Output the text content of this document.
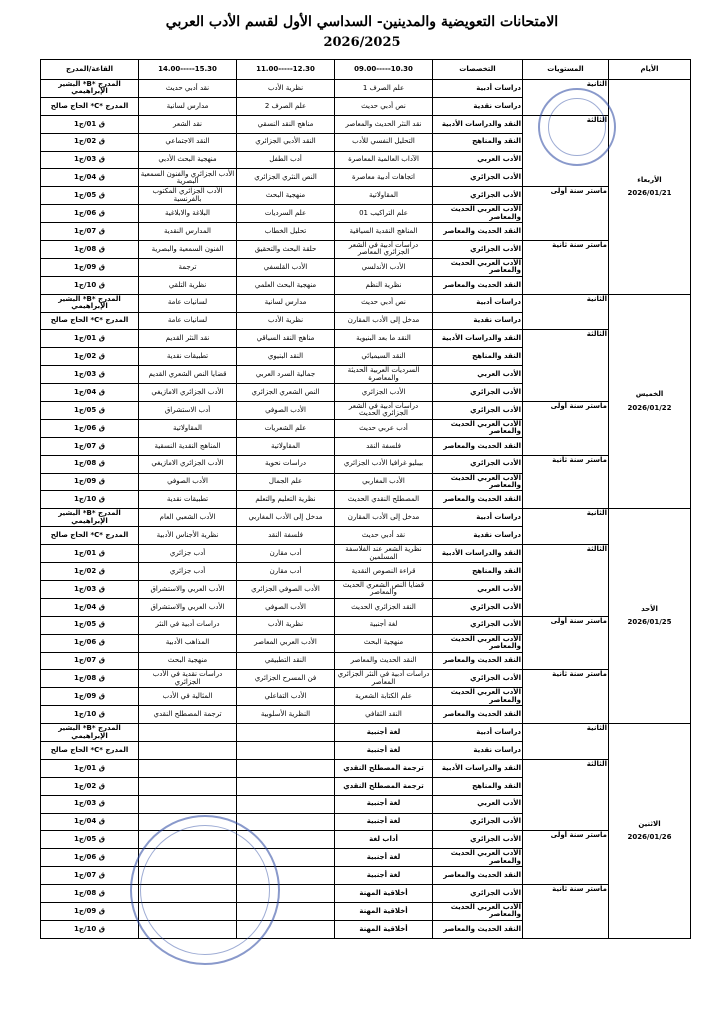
الامتحانات التعويضية والمدينين- السداسي الأول لقسم الأدب العربي
2026/2025
الأيام	المستويات	التخصصات	10.30-----09.00	12.30-----11.00	15.30-----14.00	القاعة/المدرج

الأربعاء
2026/01/21	الثانية	دراسات أدبية	علم الصرف 1	نظرية الأدب	نقد أدبي حديث	المدرج *B* البشير الإبراهيمي
		دراسات نقدية	نص أدبي حديث	علم الصرف 2	مدارس لسانية	المدرج *C* الحاج صالح
	الثالثة	النقد والدراسات الأدبية	نقد النثر الحديث والمعاصر	مناهج النقد النسقي	نقد الشعر	ق 01/ج1
		النقد والمناهج	التحليل النفسي للأدب	النقد الأدبي الجزائري	النقد الاجتماعي	ق 02/ج1
		الأدب العربي	الآداب العالمية المعاصرة	أدب الطفل	منهجية البحث الأدبي	ق 03/ج1
		الأدب الجزائري	اتجاهات أدبية معاصرة	النص النثري الجزائري	الأدب الجزائري والفنون السمعية البصرية	ق 04/ج1
	ماستر سنة أولى	الأدب الجزائري	المقاولاتية	منهجية البحث	الأدب الجزائري المكتوب بالفرنسية	ق 05/ج1
		الأدب العربي الحديث والمعاصر	علم التراكيب 01	علم السرديات	البلاغة والابلاغية	ق 06/ج1
		النقد الحديث والمعاصر	المناهج النقدية السياقية	تحليل الخطاب	المدارس النقدية	ق 07/ج1
	ماستر سنة ثانية	الأدب الجزائري	دراسات أدبية في الشعر الجزائري المعاصر	حلقة البحث والتحقيق	الفنون السمعية والبصرية	ق 08/ج1
		الأدب العربي الحديث والمعاصر	الأدب الأندلسي	الأدب القلسفي	ترجمة	ق 09/ج1
		النقد الحديث والمعاصر	نظرية النظم	منهجية البحث العلمي	نظرية التلقي	ق 10/ج1

الخميس
2026/01/22	الثانية	دراسات أدبية	نص أدبي حديث	مدارس لسانية	لسانيات عامة	المدرج *B* البشير الإبراهيمي
		دراسات نقدية	مدخل إلى الأدب المقارن	نظرية الأدب	لسانيات عامة	المدرج *C* الحاج صالح
	الثالثة	النقد والدراسات الأدبية	النقد ما بعد البنيوية	مناهج النقد السياقي	نقد النثر القديم	ق 01/ج1
		النقد والمناهج	النقد السيميائي	النقد البنيوي	تطبيقات نقدية	ق 02/ج1
		الأدب العربي	السرديات العربية الحديثة والمعاصرة	جمالية السرد العربي	قضايا النص الشعري القديم	ق 03/ج1
		الأدب الجزائري	الأدب الجزائري	النص الشعري الجزائري	الأدب الجزائري الامازيغي	ق 04/ج1
	ماستر سنة أولى	الأدب الجزائري	دراسات أدبية في الشعر الجزائري الحديث	الأدب الصوفي	أدب الاستشراق	ق 05/ج1
		الأدب العربي الحديث والمعاصر	أدب عربي حديث	علم الشعريات	المقاولاتية	ق 06/ج1
		النقد الحديث والمعاصر	فلسفة النقد	المقاولاتية	المناهج النقدية النسقية	ق 07/ج1
	ماستر سنة ثانية	الأدب الجزائري	بيبليو غرافيا الأدب الجزائري	دراسات نحوية	الأدب الجزائري الامازيغي	ق 08/ج1
		الأدب العربي الحديث والمعاصر	الأدب المغاربي	علم الجمال	الأدب الصوفي	ق 09/ج1
		النقد الحديث والمعاصر	المصطلح النقدي الحديث	نظرية التعليم والتعلم	تطبيقات نقدية	ق 10/ج1

الأحد
2026/01/25	الثانية	دراسات أدبية	مدخل إلى الأدب المقارن	مدخل إلى الأدب المغاربي	الأدب الشعبي العام	المدرج *B* البشير الإبراهيمي
		دراسات نقدية	نقد أدبي حديث	فلسفة النقد	نظرية الأجناس الأدبية	المدرج *C* الحاج صالح
	الثالثة	النقد والدراسات الأدبية	نظرية الشعر عند الفلاسفة المسلمين	أدب مقارن	أدب جزائري	ق 01/ج1
		النقد والمناهج	قراءة النصوص النقدية	أدب مقارن	أدب جزائري	ق 02/ج1
		الأدب العربي	قضايا النص الشعري الحديث والمعاصر	الأدب الصوفي الجزائري	الأدب العربي والاستشراق	ق 03/ج1
		الأدب الجزائري	النقد الجزائري الحديث	الأدب الصوفي	الأدب العربي والاستشراق	ق 04/ج1
	ماستر سنة أولى	الأدب الجزائري	لغة أجنبية	نظرية الأدب	دراسات أدبية في النثر	ق 05/ج1
		الأدب العربي الحديث والمعاصر	منهجية البحث	الأدب العربي المعاصر	المذاهب الأدبية	ق 06/ج1
		النقد الحديث والمعاصر	النقد الحديث والمعاصر	النقد التطبيقي	منهجية البحث	ق 07/ج1
	ماستر سنة ثانية	الأدب الجزائري	دراسات أدبية في النثر الجزائري المعاصر	فن المسرح الجزائري	دراسات نقدية في الأدب الجزائري	ق 08/ج1
		الأدب العربي الحديث والمعاصر	علم الكتابة الشعرية	الأدب التفاعلي	المثالية في الأدب	ق 09/ج1
		النقد الحديث والمعاصر	النقد الثقافي	النظرية الأسلوبية	ترجمة المصطلح النقدي	ق 10/ج1

الاثنين
2026/01/26	الثانية	دراسات أدبية	لغة أجنبية			المدرج *B* البشير الإبراهيمي
		دراسات نقدية	لغة أجنبية			المدرج *C* الحاج صالح
	الثالثة	النقد والدراسات الأدبية	ترجمة المصطلح النقدي			ق 01/ج1
		النقد والمناهج	ترجمة المصطلح النقدي			ق 02/ج1
		الأدب العربي	لغة أجنبية			ق 03/ج1
		الأدب الجزائري	لغة أجنبية			ق 04/ج1
	ماستر سنة أولى	الأدب الجزائري	أداب لغة			ق 05/ج1
		الأدب العربي الحديث والمعاصر	لغة أجنبية			ق 06/ج1
		النقد الحديث والمعاصر	لغة أجنبية			ق 07/ج1
	ماستر سنة ثانية	الأدب الجزائري	أخلاقية المهنة			ق 08/ج1
		الأدب العربي الحديث والمعاصر	أخلاقية المهنة			ق 09/ج1
		النقد الحديث والمعاصر	أخلاقية المهنة			ق 10/ج1
